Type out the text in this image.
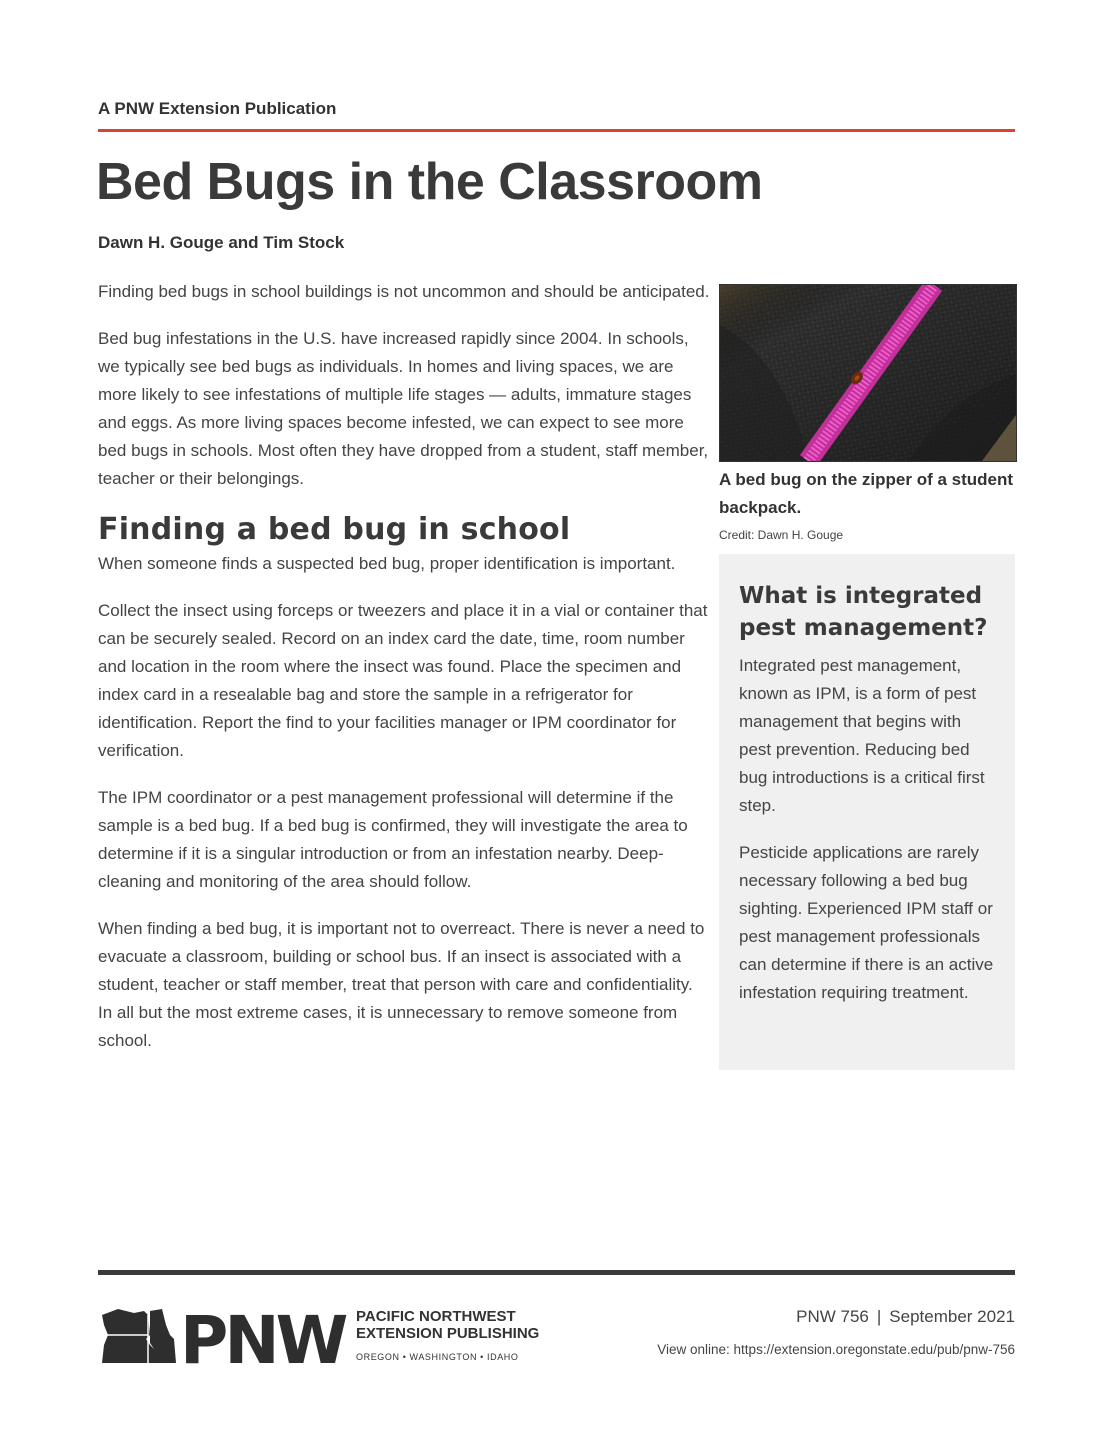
A PNW Extension Publication
Bed Bugs in the Classroom
Dawn H. Gouge and Tim Stock

Finding bed bugs in school buildings is not uncommon and should be anticipated.

Bed bug infestations in the U.S. have increased rapidly since 2004. In schools, we typically see bed bugs as individuals. In homes and living spaces, we are more likely to see infestations of multiple life stages — adults, immature stages and eggs. As more living spaces become infested, we can expect to see more bed bugs in schools. Most often they have dropped from a student, staff member, teacher or their belongings.

Finding a bed bug in school

When someone finds a suspected bed bug, proper identification is important.

Collect the insect using forceps or tweezers and place it in a vial or container that can be securely sealed. Record on an index card the date, time, room number and location in the room where the insect was found. Place the specimen and index card in a resealable bag and store the sample in a refrigerator for identification. Report the find to your facilities manager or IPM coordinator for verification.

The IPM coordinator or a pest management professional will determine if the sample is a bed bug. If a bed bug is confirmed, they will investigate the area to determine if it is a singular introduction or from an infestation nearby. Deep-cleaning and monitoring of the area should follow.

When finding a bed bug, it is important not to overreact. There is never a need to evacuate a classroom, building or school bus. If an insect is associated with a student, teacher or staff member, treat that person with care and confidentiality. In all but the most extreme cases, it is unnecessary to remove someone from school.

A bed bug on the zipper of a student backpack.
Credit: Dawn H. Gouge
What is integrated pest management?

Integrated pest management, known as IPM, is a form of pest management that begins with pest prevention. Reducing bed bug introductions is a critical first step.

Pesticide applications are rarely necessary following a bed bug sighting. Experienced IPM staff or pest management professionals can determine if there is an active infestation requiring treatment.

PNW PACIFIC NORTHWEST
EXTENSION PUBLISHING
OREGON • WASHINGTON • IDAHO
PNW 756 | September 2021
View online: https://extension.oregonstate.edu/pub/pnw-756
